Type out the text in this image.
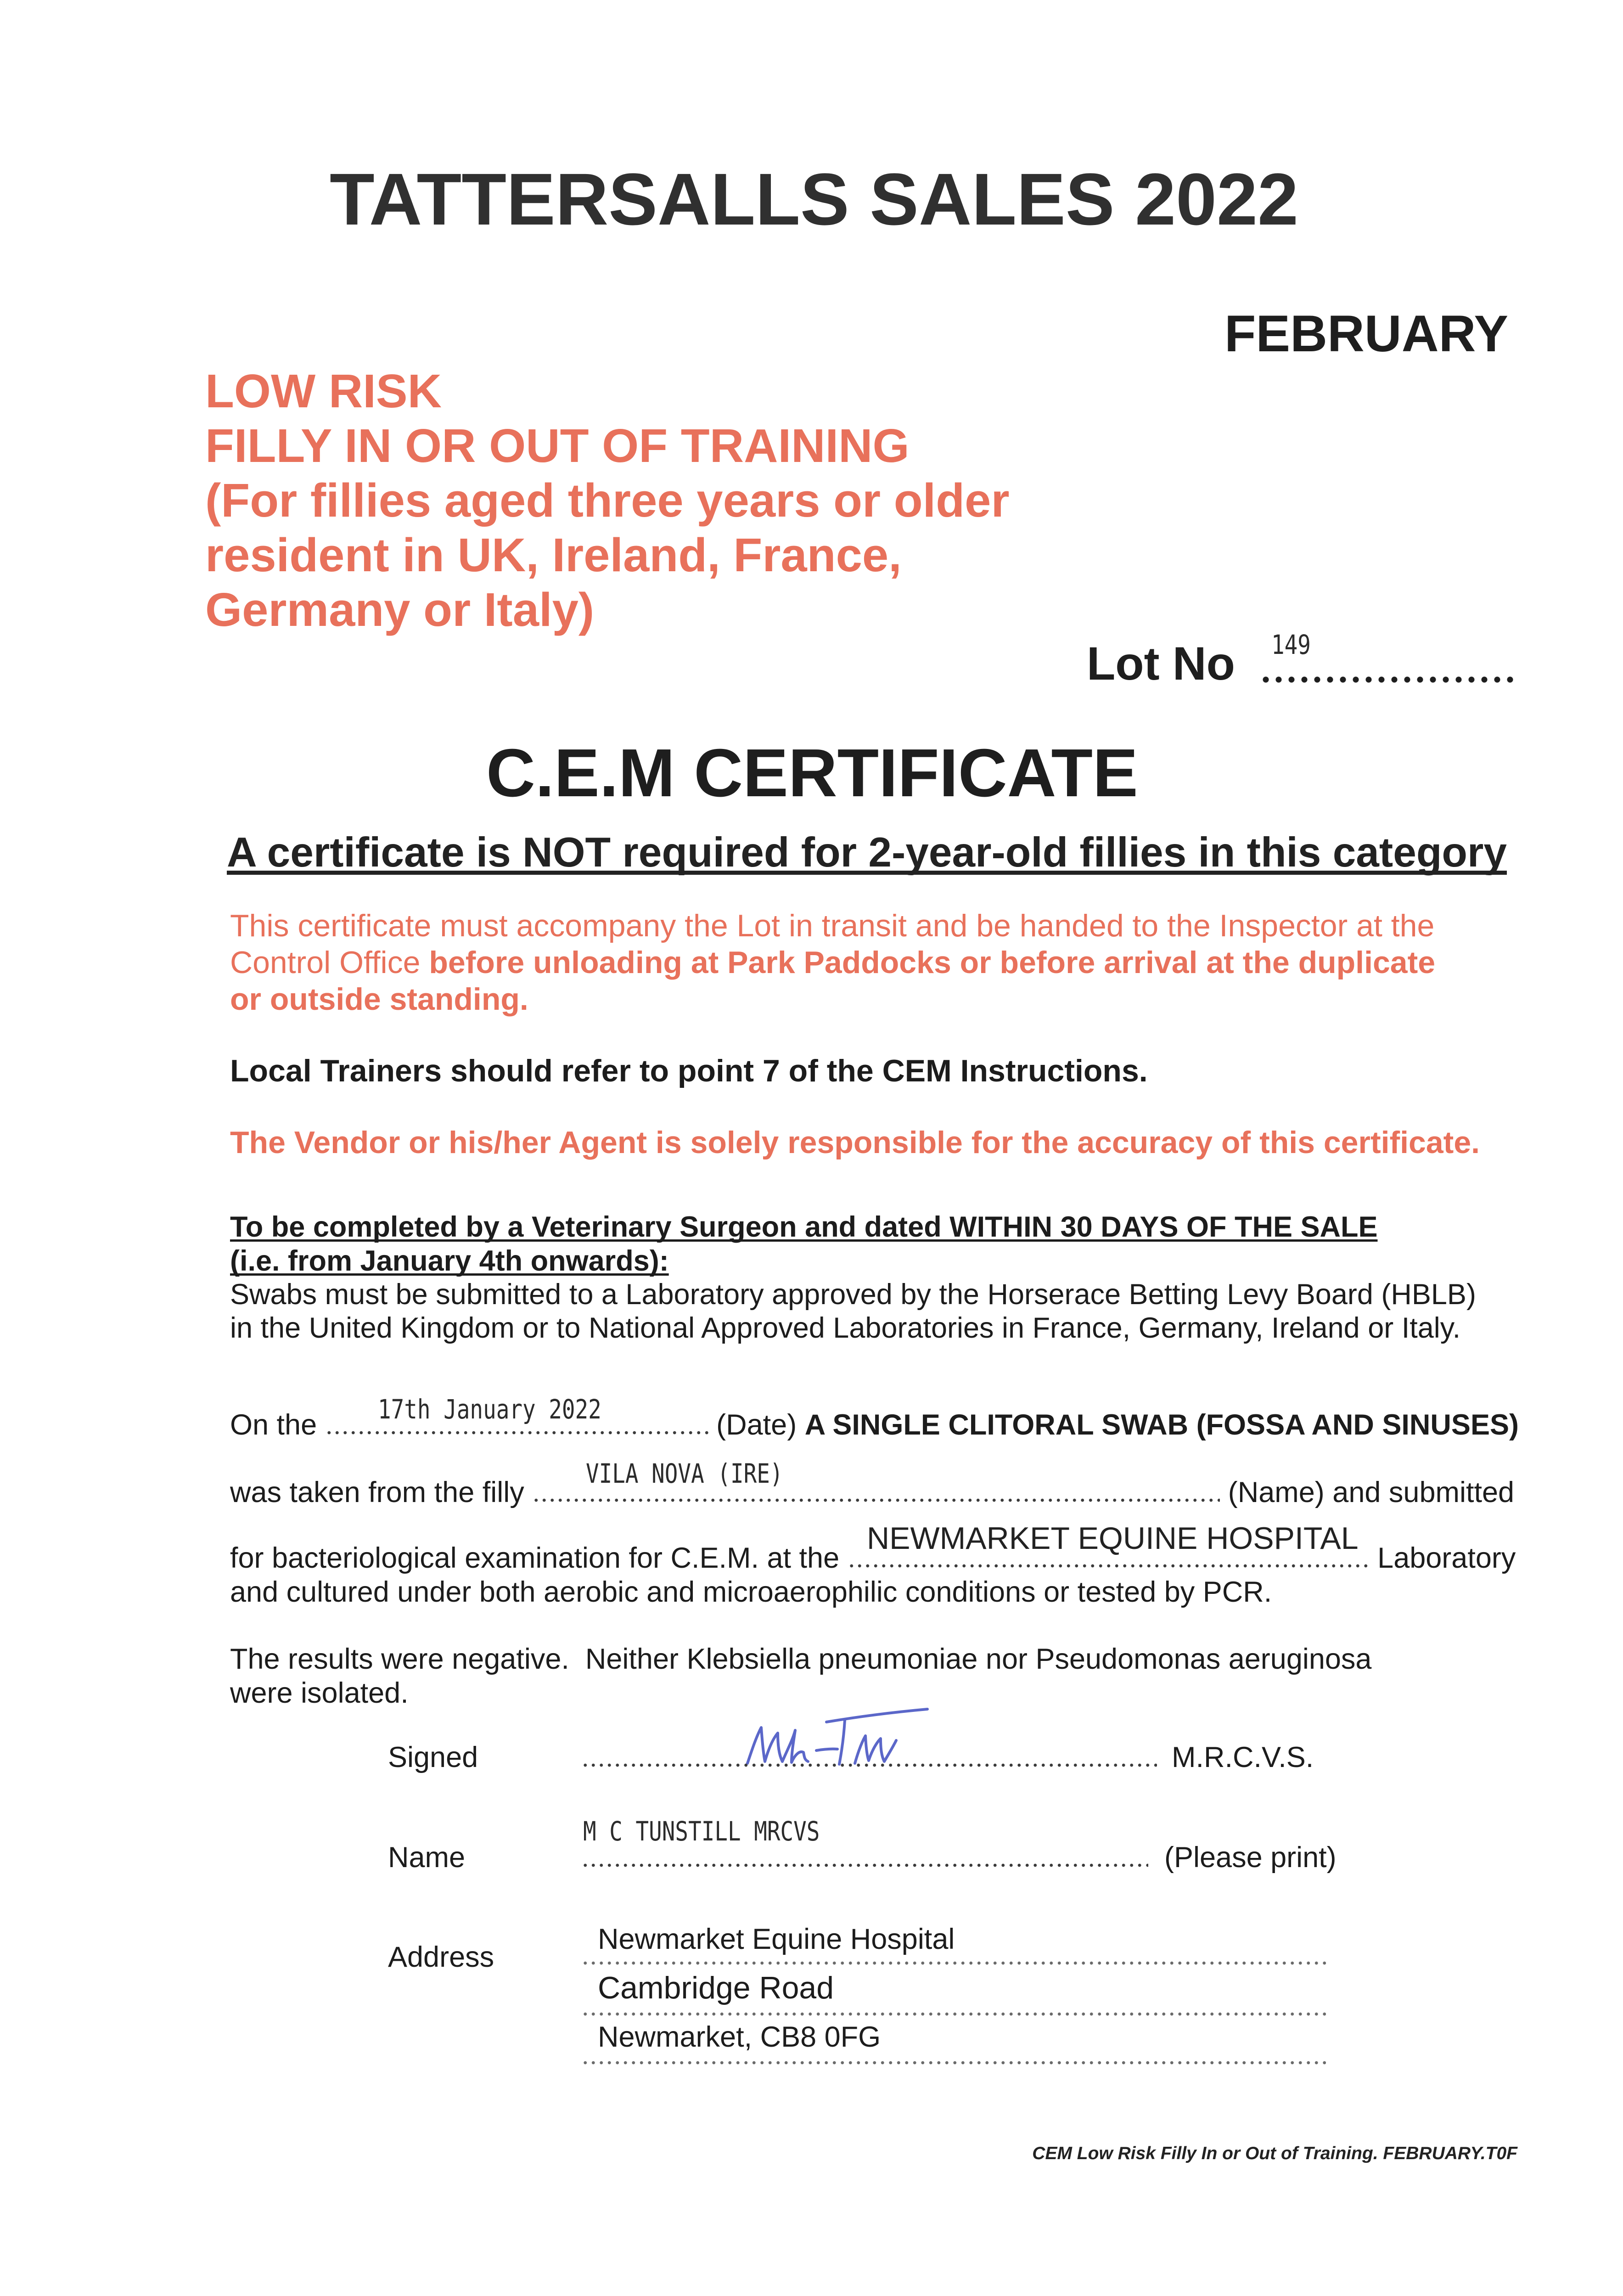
TATTERSALLS SALES 2022
FEBRUARY
LOW RISK
FILLY IN OR OUT OF TRAINING
(For fillies aged three years or older
resident in UK, Ireland, France,
Germany or Italy)
Lot No 149
C.E.M CERTIFICATE
A certificate is NOT required for 2-year-old fillies in this category
This certificate must accompany the Lot in transit and be handed to the Inspector at the
Control Office before unloading at Park Paddocks or before arrival at the duplicate
or outside standing.
Local Trainers should refer to point 7 of the CEM Instructions.
The Vendor or his/her Agent is solely responsible for the accuracy of this certificate.
To be completed by a Veterinary Surgeon and dated WITHIN 30 DAYS OF THE SALE
(i.e. from January 4th onwards):
Swabs must be submitted to a Laboratory approved by the Horserace Betting Levy Board (HBLB)
in the United Kingdom or to National Approved Laboratories in France, Germany, Ireland or Italy.
17th January 2022
On the	(Date) A SINGLE CLITORAL SWAB (FOSSA AND SINUSES)
VILA NOVA (IRE)
was taken from the filly	(Name) and submitted
NEWMARKET EQUINE HOSPITAL
for bacteriological examination for C.E.M. at the	Laboratory
and cultured under both aerobic and microaerophilic conditions or tested by PCR.
The results were negative.  Neither Klebsiella pneumoniae nor Pseudomonas aeruginosa
were isolated.
Signed	M.R.C.V.S.
M C TUNSTILL MRCVS
Name	(Please print)
Address
Newmarket Equine Hospital
Cambridge Road
Newmarket, CB8 0FG
CEM Low Risk Filly In or Out of Training. FEBRUARY.T0F
